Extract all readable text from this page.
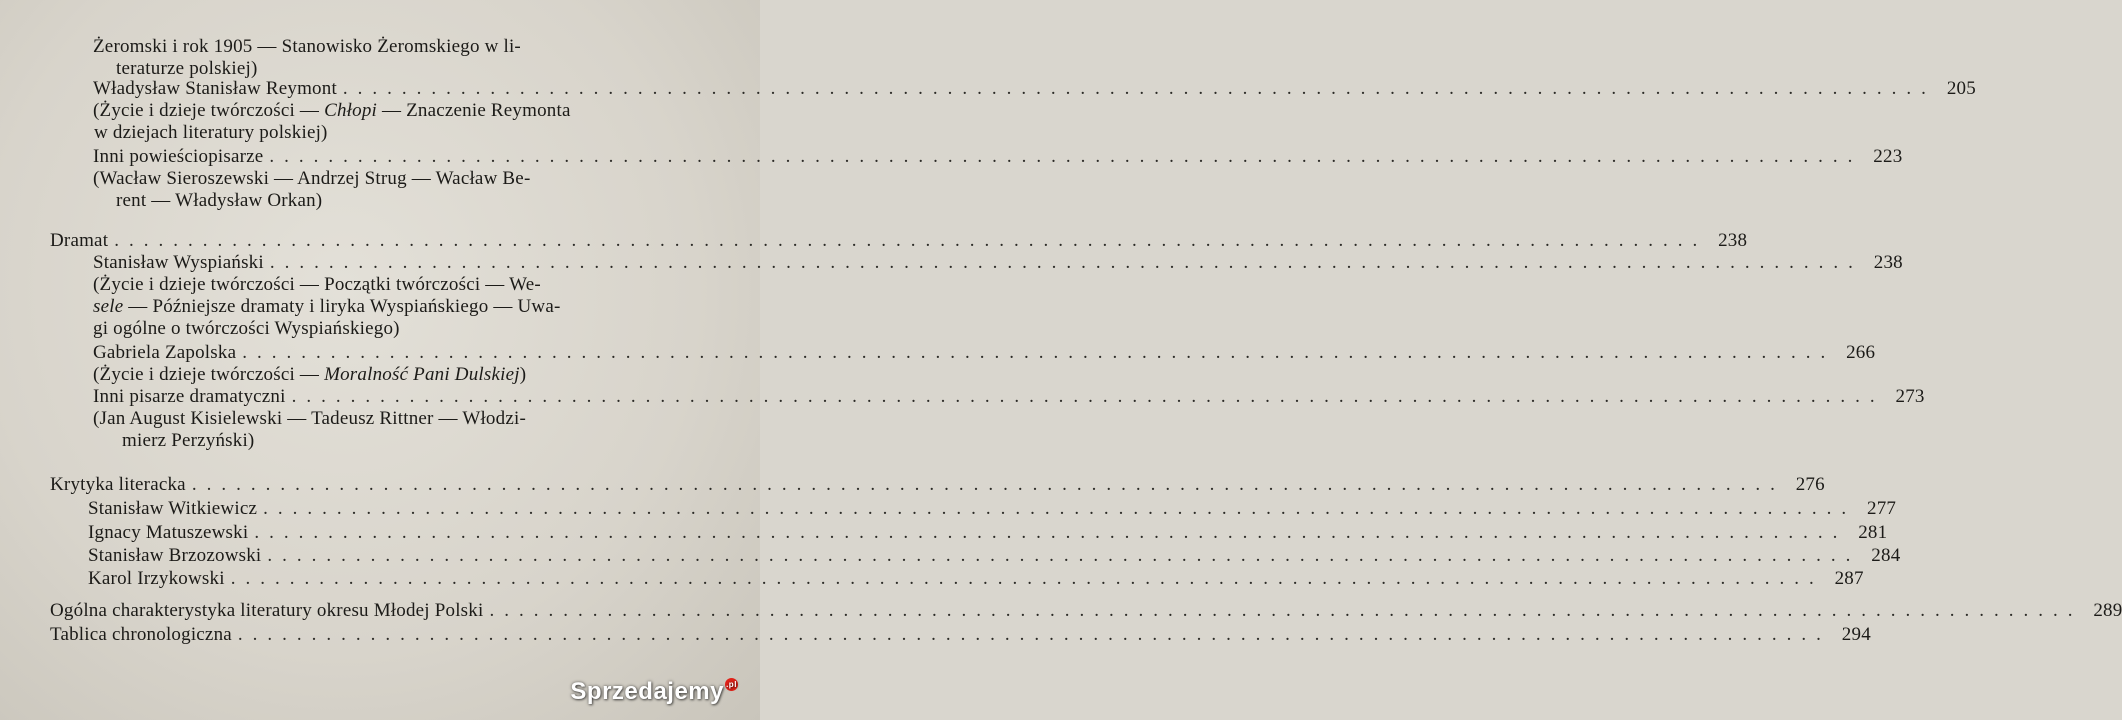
Żeromski i rok 1905 — Stanowisko Żeromskiego w li-
teraturze polskiej)
Władysław Stanisław Reymont ............................................................................................................ 205
(Życie i dzieje twórczości — Chłopi — Znaczenie Reymonta
w dziejach literatury polskiej)
Inni powieściopisarze ............................................................................................................ 223
(Wacław Sieroszewski — Andrzej Strug — Wacław Be-
rent — Władysław Orkan)
Dramat ............................................................................................................ 238
Stanisław Wyspiański ............................................................................................................ 238
(Życie i dzieje twórczości — Początki twórczości — We-
sele — Późniejsze dramaty i liryka Wyspiańskiego — Uwa-
gi ogólne o twórczości Wyspiańskiego)
Gabriela Zapolska ............................................................................................................ 266
(Życie i dzieje twórczości — Moralność Pani Dulskiej)
Inni pisarze dramatyczni ............................................................................................................ 273
(Jan August Kisielewski — Tadeusz Rittner — Włodzi-
mierz Perzyński)
Krytyka literacka ............................................................................................................ 276
Stanisław Witkiewicz ............................................................................................................ 277
Ignacy Matuszewski ............................................................................................................ 281
Stanisław Brzozowski ............................................................................................................ 284
Karol Irzykowski ............................................................................................................ 287
Ogólna charakterystyka literatury okresu Młodej Polski ............................................................................................................ 289
Tablica chronologiczna ............................................................................................................ 294
Sprzedajemy .pl
